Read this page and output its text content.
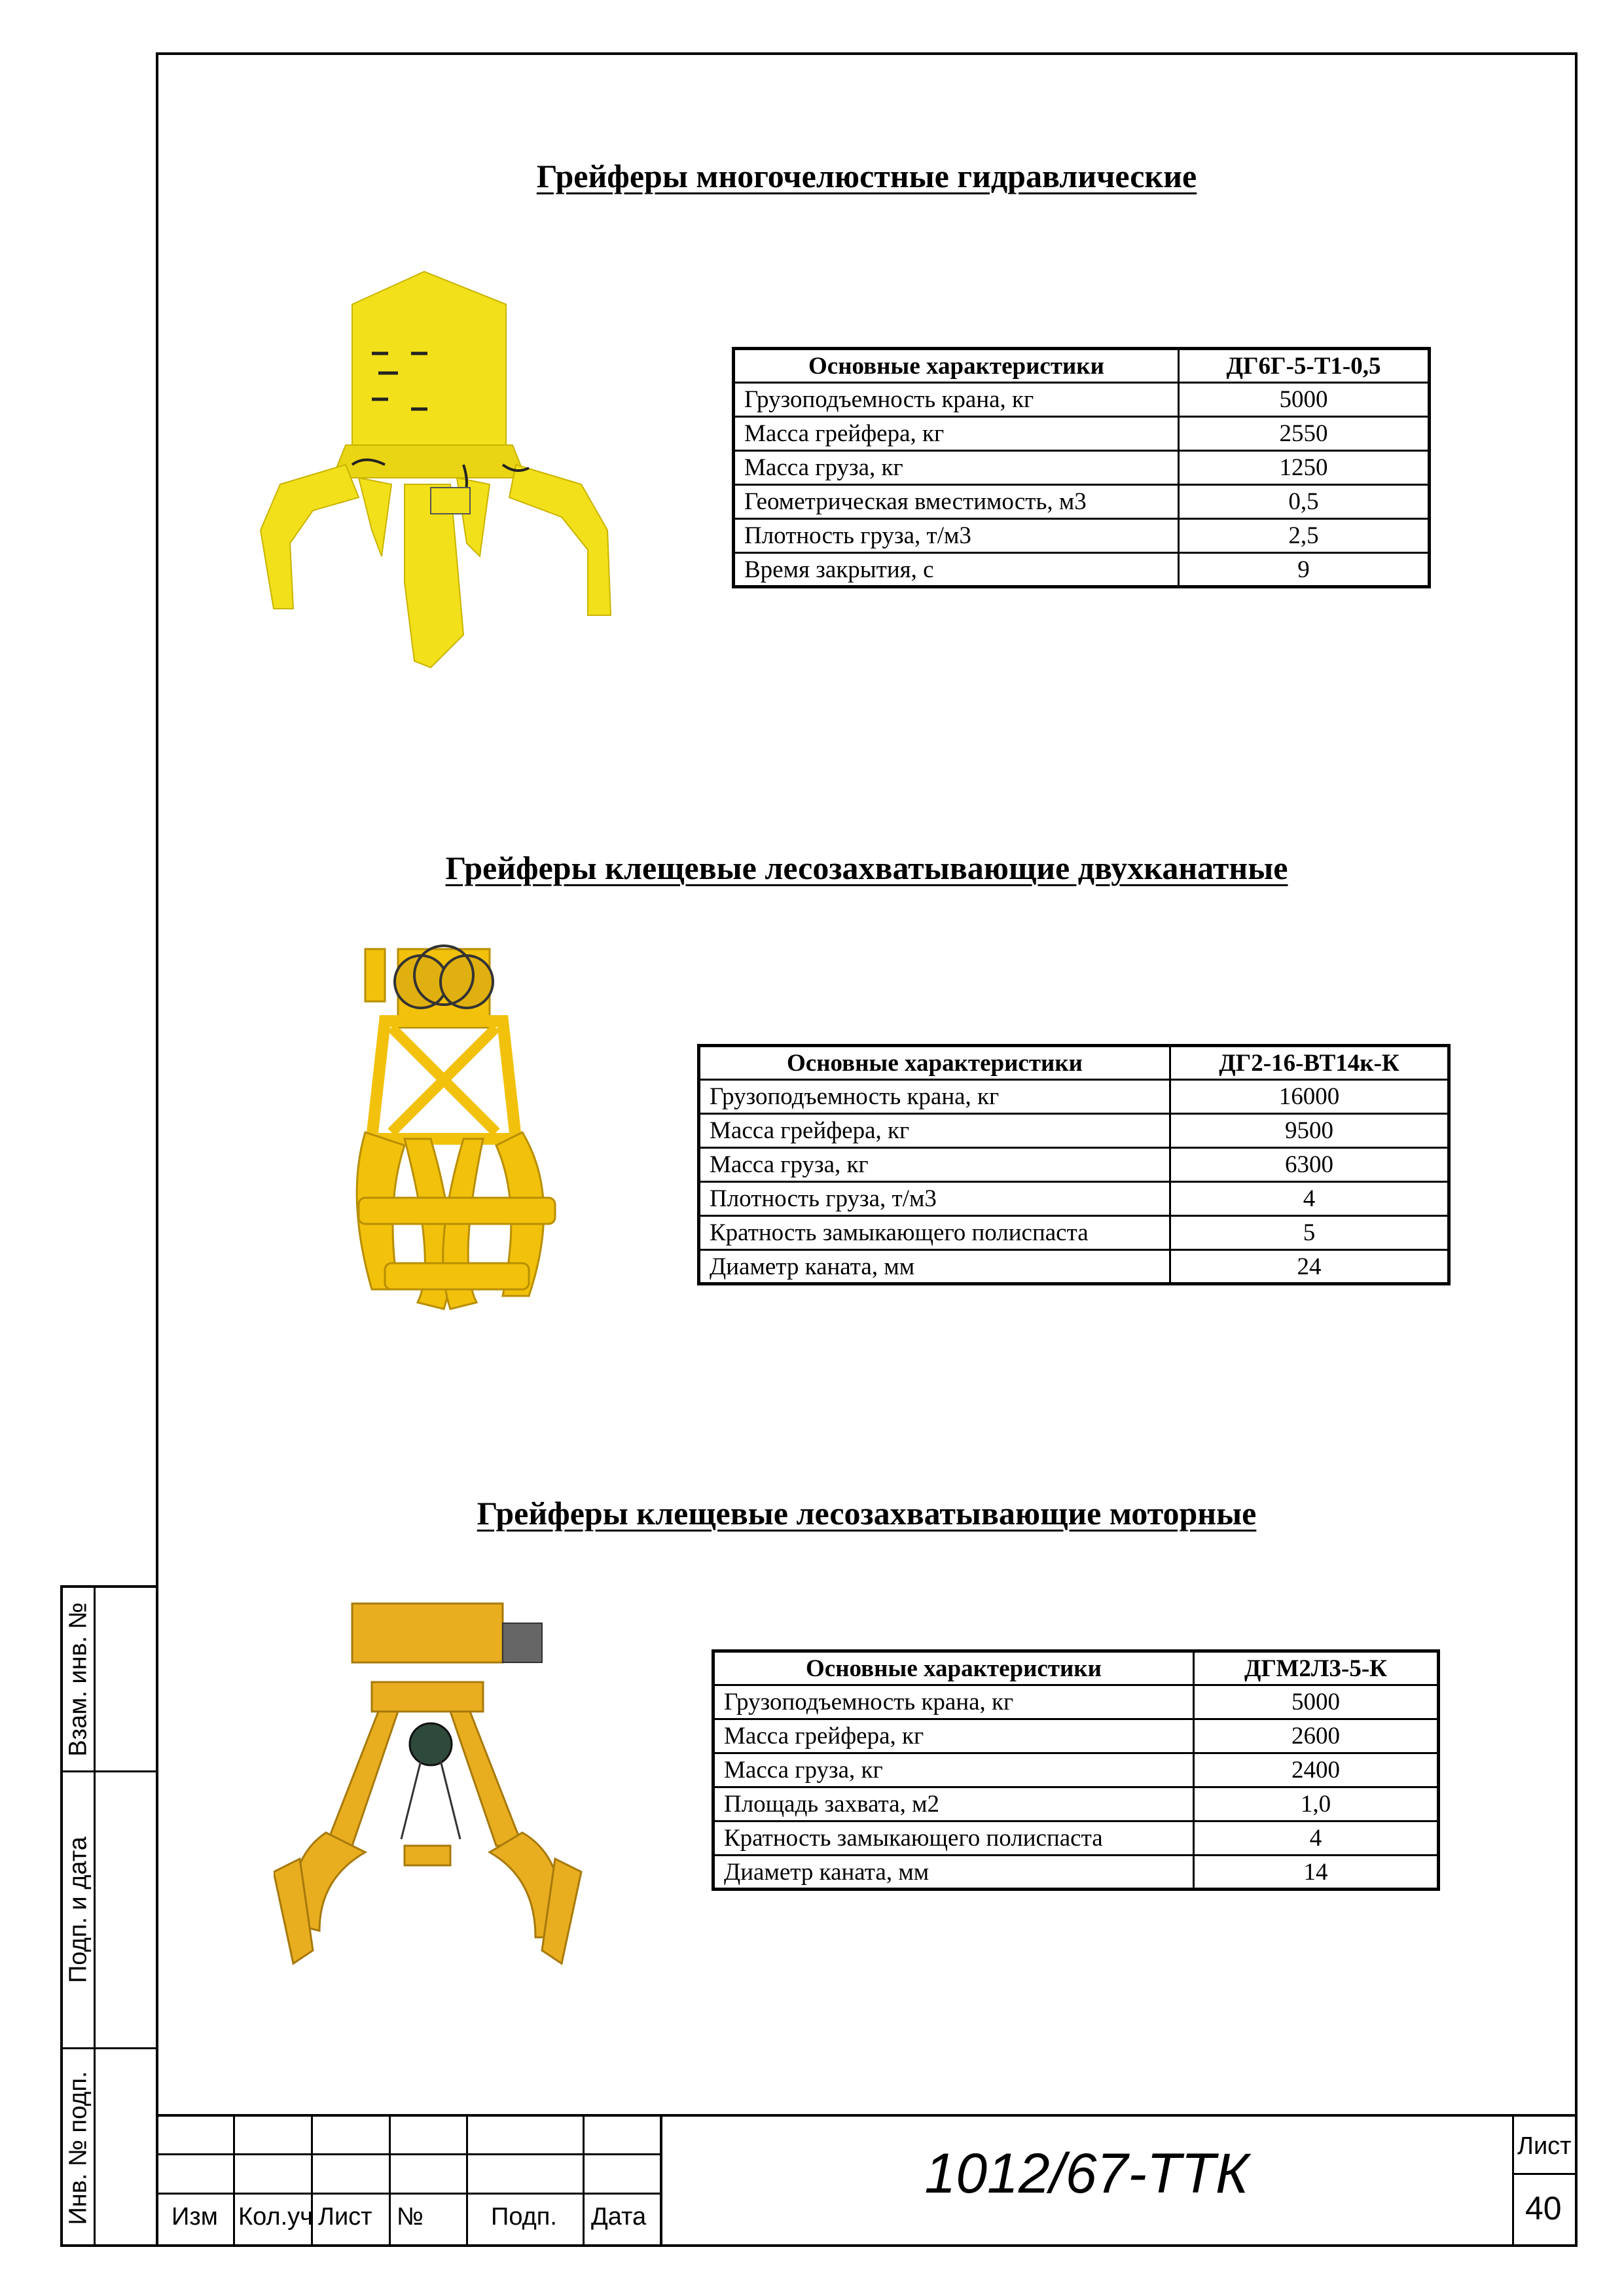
Взам. инв. №
Подп. и дата
Инв. № подп.
Грейферы многочелюстные гидравлические
Основные характеристики	ДГ6Г-5-Т1-0,5
Грузоподъемность крана, кг	5000
Масса грейфера, кг	2550
Масса груза, кг	1250
Геометрическая вместимость, м3	0,5
Плотность груза, т/м3	2,5
Время закрытия, с	9
Грейферы клещевые лесозахватывающие двухканатные
Основные характеристики	ДГ2-16-ВТ14к-К
Грузоподъемность крана, кг	16000
Масса грейфера, кг	9500
Масса груза, кг	6300
Плотность груза, т/м3	4
Кратность замыкающего полиспаста	5
Диаметр каната, мм	24
Грейферы клещевые лесозахватывающие моторные
Основные характеристики	ДГМ2Л3-5-К
Грузоподъемность крана, кг	5000
Масса грейфера, кг	2600
Масса груза, кг	2400
Площадь захвата, м2	1,0
Кратность замыкающего полиспаста	4
Диаметр каната, мм	14
Изм Кол.уч Лист №	Подп. Дата
1012/67-ТТК	Лист
40
